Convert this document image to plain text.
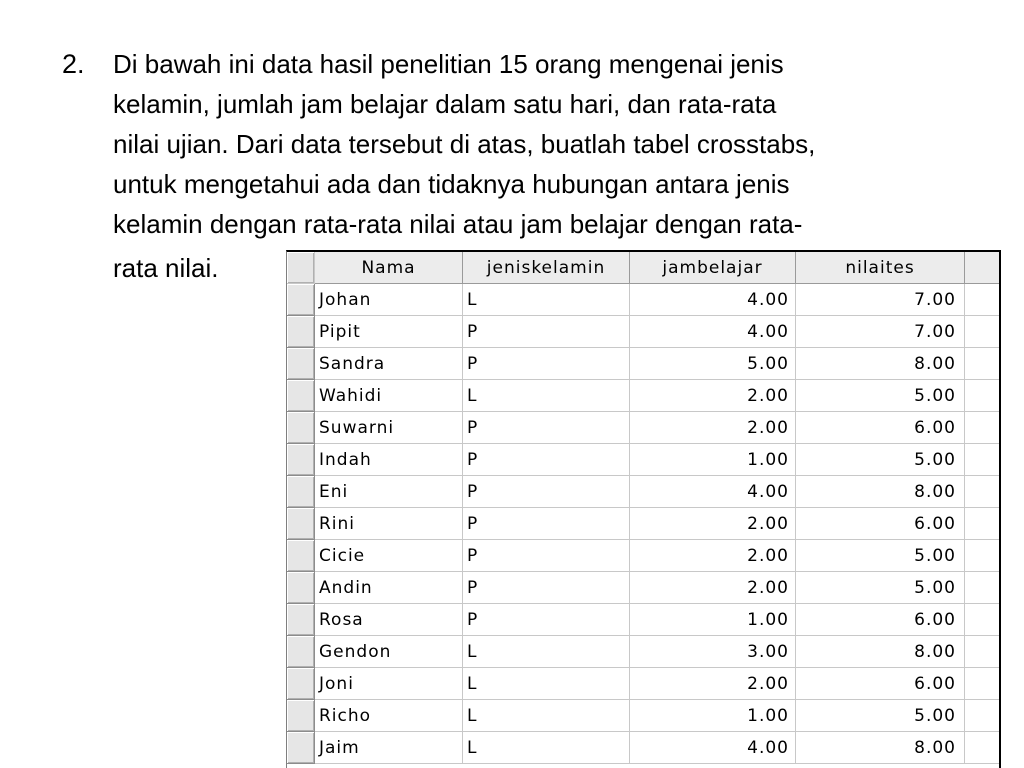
2. Di bawah ini data hasil penelitian 15 orang mengenai jenis
kelamin, jumlah jam belajar dalam satu hari, dan rata-rata
nilai ujian. Dari data tersebut di atas, buatlah tabel crosstabs,
untuk mengetahui ada dan tidaknya hubungan antara jenis
kelamin dengan rata-rata nilai atau jam belajar dengan rata-
rata nilai.	Nama	jeniskelamin	jambelajar	nilaites
Johan	L	4.00	7.00
Pipit	P	4.00	7.00
Sandra	P	5.00	8.00
Wahidi	L	2.00	5.00
Suwarni	P	2.00	6.00
Indah	P	1.00	5.00
Eni	P	4.00	8.00
Rini	P	2.00	6.00
Cicie	P	2.00	5.00
Andin	P	2.00	5.00
Rosa	P	1.00	6.00
Gendon	L	3.00	8.00
Joni	L	2.00	6.00
Richo	L	1.00	5.00
Jaim	L	4.00	8.00
